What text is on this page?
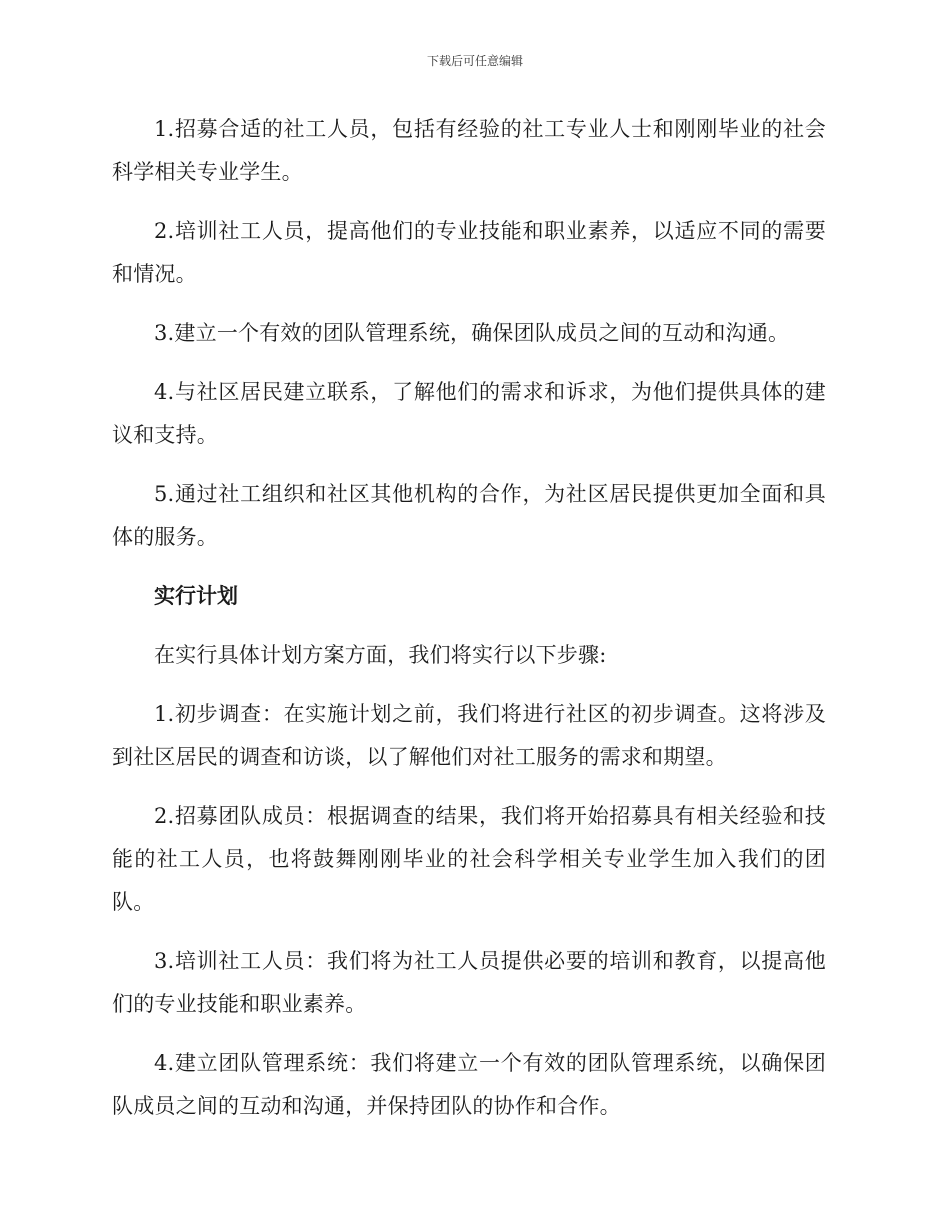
下载后可任意编辑

1.招募合适的社工人员，包括有经验的社工专业人士和刚刚毕业的社会科学相关专业学生。

2.培训社工人员，提高他们的专业技能和职业素养，以适应不同的需要和情况。

3.建立一个有效的团队管理系统，确保团队成员之间的互动和沟通。

4.与社区居民建立联系，了解他们的需求和诉求，为他们提供具体的建议和支持。

5.通过社工组织和社区其他机构的合作，为社区居民提供更加全面和具体的服务。

实行计划

在实行具体计划方案方面，我们将实行以下步骤:

1.初步调查：在实施计划之前，我们将进行社区的初步调查。这将涉及到社区居民的调查和访谈，以了解他们对社工服务的需求和期望。

2.招募团队成员：根据调查的结果，我们将开始招募具有相关经验和技能的社工人员，也将鼓舞刚刚毕业的社会科学相关专业学生加入我们的团队。

3.培训社工人员：我们将为社工人员提供必要的培训和教育，以提高他们的专业技能和职业素养。

4.建立团队管理系统：我们将建立一个有效的团队管理系统，以确保团队成员之间的互动和沟通，并保持团队的协作和合作。
